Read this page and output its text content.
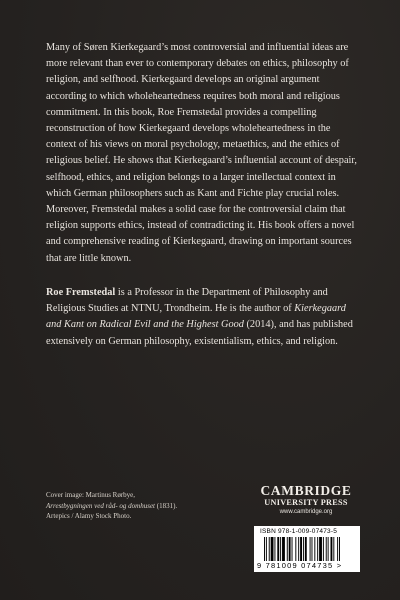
Many of Søren Kierkegaard’s most controversial and influential ideas are more relevant than ever to contemporary debates on ethics, philosophy of religion, and selfhood. Kierkegaard develops an original argument according to which wholeheartedness requires both moral and religious commitment. In this book, Roe Fremstedal provides a compelling reconstruction of how Kierkegaard develops wholeheartedness in the context of his views on moral psychology, metaethics, and the ethics of religious belief. He shows that Kierkegaard’s influential account of despair, selfhood, ethics, and religion belongs to a larger intellectual context in which German philosophers such as Kant and Fichte play crucial roles. Moreover, Fremstedal makes a solid case for the controversial claim that religion supports ethics, instead of contradicting it. His book offers a novel and comprehensive reading of Kierkegaard, drawing on important sources that are little known.

Roe Fremstedal is a Professor in the Department of Philosophy and Religious Studies at NTNU, Trondheim. He is the author of Kierkegaard and Kant on Radical Evil and the Highest Good (2014), and has published extensively on German philosophy, existentialism, ethics, and religion.

Cover image: Martinus Rørbye,
Arrestbygningen ved råd- og domhuset (1831).
Artepics / Alamy Stock Photo.
CAMBRIDGE
UNIVERSITY PRESS
www.cambridge.org
ISBN 978-1-009-07473-5
9 781009 074735 >
